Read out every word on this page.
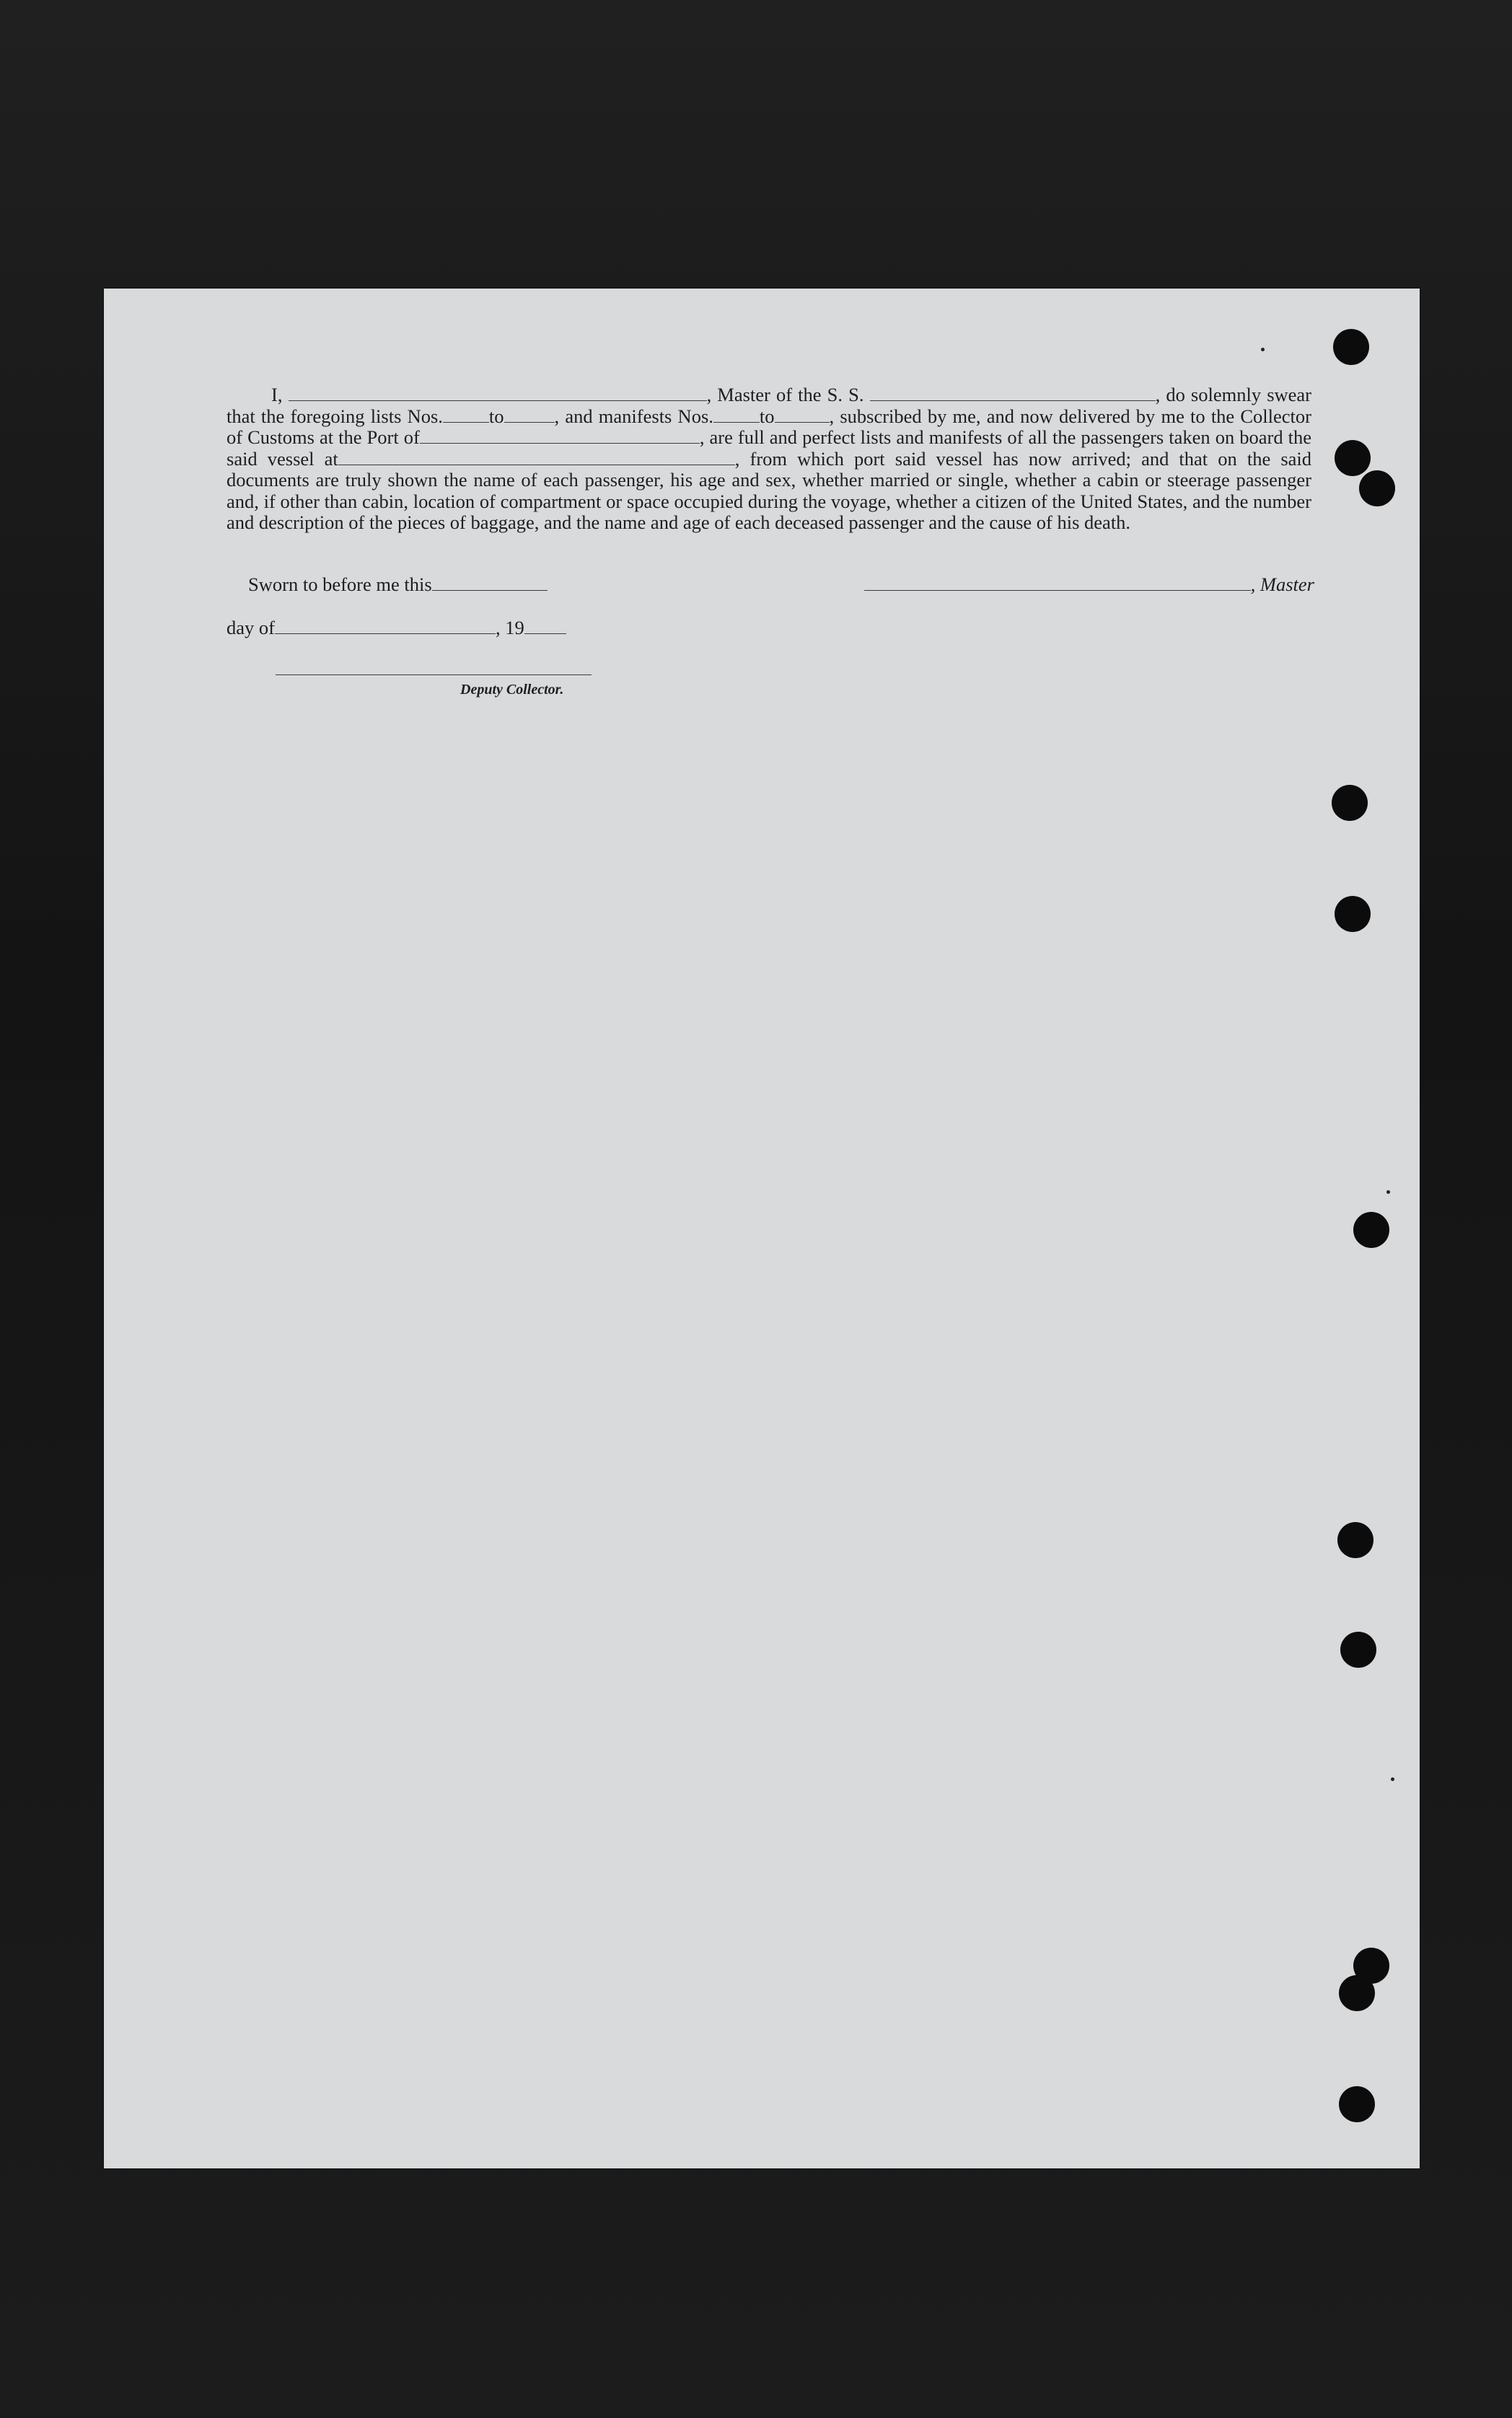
I,	, Master of the S. S.	, do solemnly swear that the foregoing lists Nos. to	, and manifests Nos. to	, subscribed by me, and now delivered by me to the Collector of Customs at the Port of	, are full and perfect lists and manifests of all the passengers taken on board the said vessel at	, from which port said vessel has now arrived; and that on the said documents are truly shown the name of each passenger, his age and sex, whether married or single, whether a cabin or steerage passenger and, if other than cabin, location of compartment or space occupied during the voyage, whether a citizen of the United States, and the number and description of the pieces of baggage, and the name and age of each deceased passenger and the cause of his death.

Sworn to before me this	, Master
day of	, 19
Deputy Collector.
